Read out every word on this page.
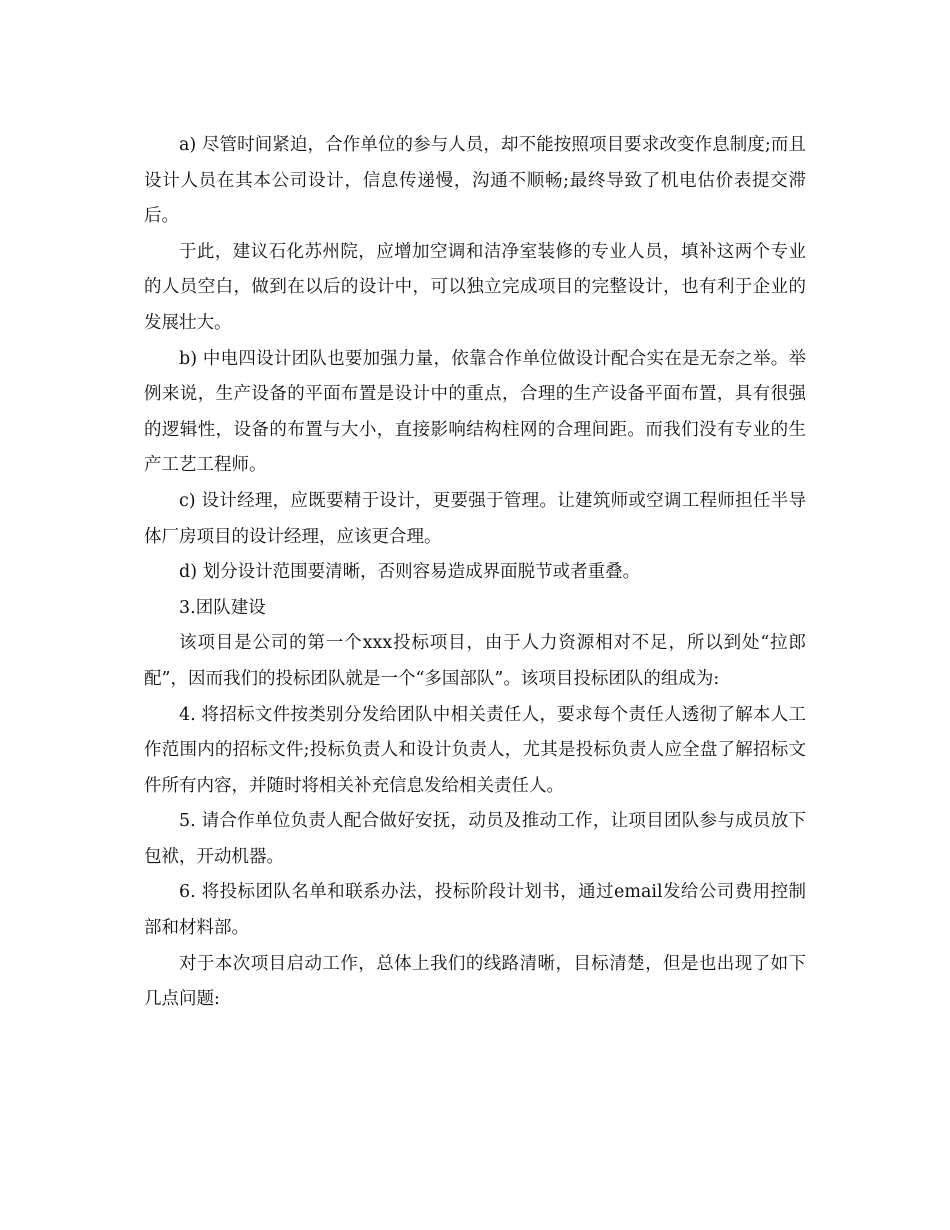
a) 尽管时间紧迫，合作单位的参与人员，却不能按照项目要求改变作息制度;而且设计人员在其本公司设计，信息传递慢，沟通不顺畅;最终导致了机电估价表提交滞后。

于此，建议石化苏州院，应增加空调和洁净室装修的专业人员，填补这两个专业的人员空白，做到在以后的设计中，可以独立完成项目的完整设计，也有利于企业的发展壮大。

b) 中电四设计团队也要加强力量，依靠合作单位做设计配合实在是无奈之举。举例来说，生产设备的平面布置是设计中的重点，合理的生产设备平面布置，具有很强的逻辑性，设备的布置与大小，直接影响结构柱网的合理间距。而我们没有专业的生产工艺工程师。

c) 设计经理，应既要精于设计，更要强于管理。让建筑师或空调工程师担任半导体厂房项目的设计经理，应该更合理。

d) 划分设计范围要清晰，否则容易造成界面脱节或者重叠。

3.团队建设

该项目是公司的第一个xxx投标项目，由于人力资源相对不足，所以到处“拉郎配”，因而我们的投标团队就是一个“多国部队”。该项目投标团队的组成为:

4. 将招标文件按类别分发给团队中相关责任人，要求每个责任人透彻了解本人工作范围内的招标文件;投标负责人和设计负责人，尤其是投标负责人应全盘了解招标文件所有内容，并随时将相关补充信息发给相关责任人。

5. 请合作单位负责人配合做好安抚，动员及推动工作，让项目团队参与成员放下包袱，开动机器。

6. 将投标团队名单和联系办法，投标阶段计划书，通过email发给公司费用控制部和材料部。

对于本次项目启动工作，总体上我们的线路清晰，目标清楚，但是也出现了如下几点问题:
